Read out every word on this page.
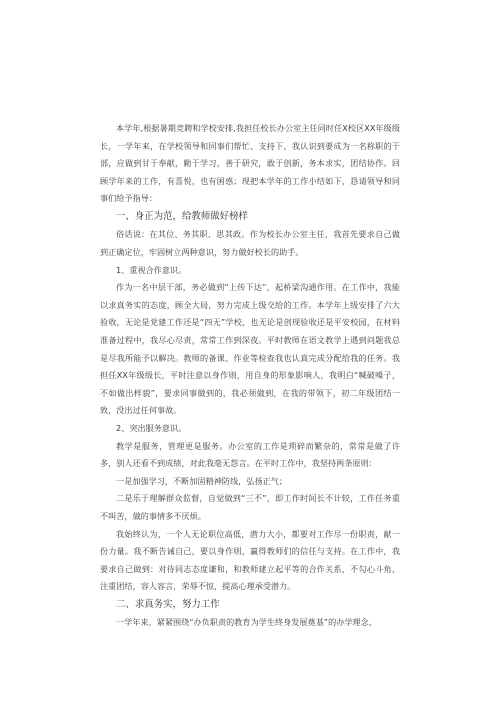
本学年,根据暑期竞聘和学校安排,我担任校长办公室主任同时任X校区XX年级级长，一学年来，在学校领导和同事们帮忙、支持下，我认识到要成为一名称职的干部，应做到甘于奉献，勤于学习，善于研究，敢于创新，务本求实，团结协作。回顾学年来的工作，有喜悦，也有困惑；现把本学年的工作小结如下，恳请领导和同事们给予指导：

一、身正为范，给教师做好榜样

俗话说：在其位、务其职、思其政。作为校长办公室主任，我首先要求自己做到正确定位，牢固树立两种意识，努力做好校长的助手。

1、重视合作意识。

作为一名中层干部，务必做到“上传下达”，起桥梁沟通作用。在工作中，我能以求真务实的态度，顾全大局，努力完成上级交给的工作。本学年上级安排了六大验收，无论是党建工作还是“四无”学校，也无论是创现验收还是平安校园，在材料准备过程中，我尽心尽责，常常工作到深夜。平时教师在语文教学上遇到问题我总是尽我所能予以解决。教师的备课、作业等检查我也认真完成分配给我的任务。我担任XX年级级长，平时注意以身作则，用自身的形象影响人，我明白“喊破嗓子，不如做出样貌”，要求同事做到的，我必须做到，在我的带领下，初二年级团结一致，没出过任何事故。

2、突出服务意识。

教学是服务，管理更是服务。办公室的工作是琐碎而繁杂的，常常是做了许多，别人还看不到成绩，对此我毫无怨言。在平时工作中，我坚持两条原则：

一是加强学习，不断加固精神防线，弘扬正气；

二是乐于理解群众监督，自觉做到“三不”，即工作时间长不计较，工作任务重不叫苦，做的事情多不厌烦。

我始终认为，一个人无论职位高低，潜力大小，都要对工作尽一份职责，献一份力量。我不断告诫自己，要以身作则，赢得教师们的信任与支持。在工作中，我要求自己做到：对待同志态度谦和，和教师建立起平等的合作关系，不勾心斗角，注重团结，容人容言，荣辱不惊，提高心理承受潜力。

二、求真务实，努力工作

一学年来，紧紧围绕“办负职责的教育为学生终身发展奠基”的办学理念，
